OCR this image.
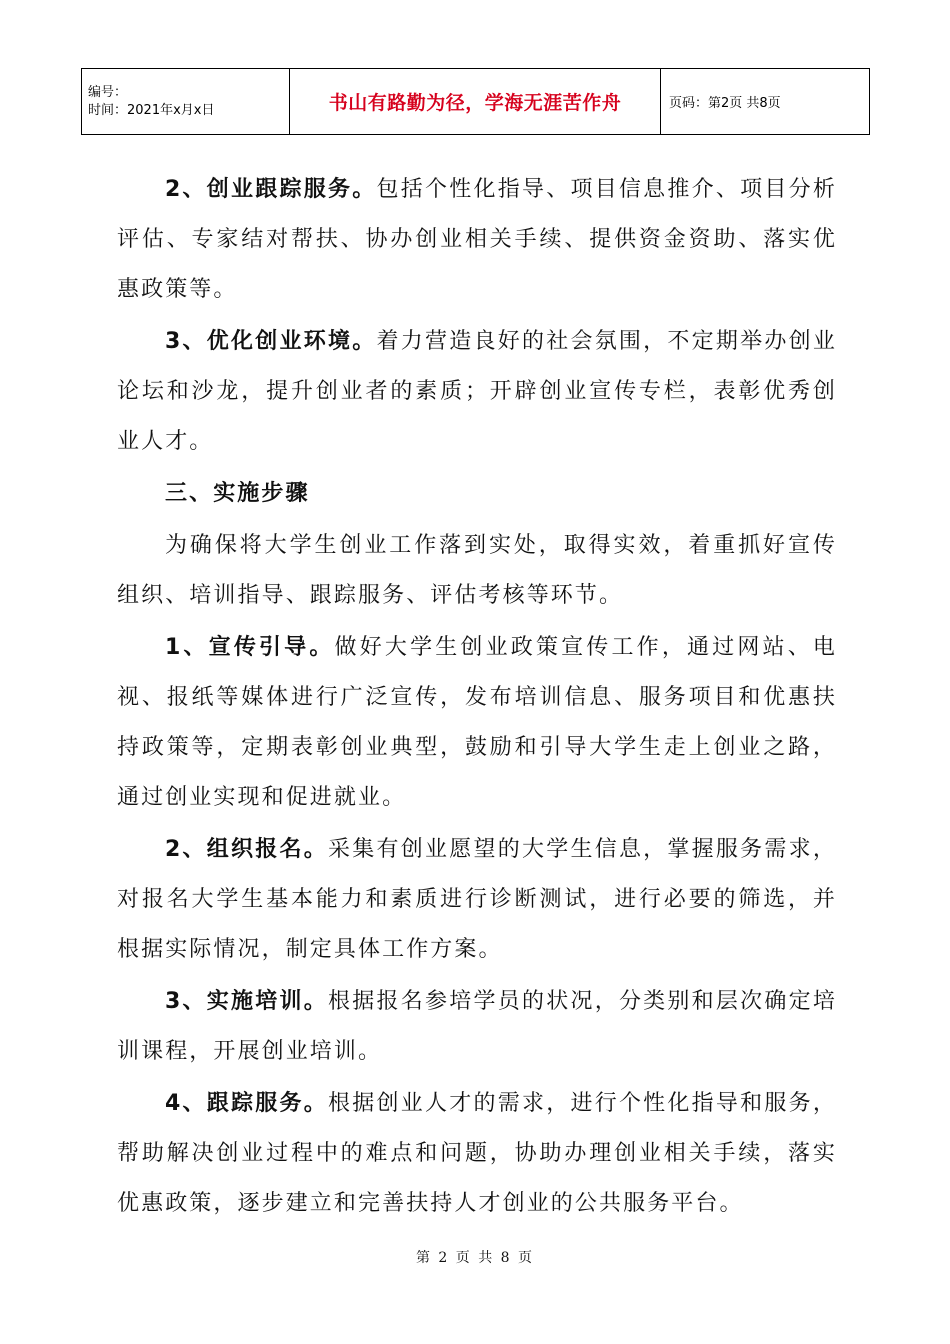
编号：
时间：2021年x月x日	书山有路勤为径，学海无涯苦作舟	页码：第2页 共8页

2、创业跟踪服务。包括个性化指导、项目信息推介、项目分析评估、专家结对帮扶、协办创业相关手续、提供资金资助、落实优惠政策等。

3、优化创业环境。着力营造良好的社会氛围，不定期举办创业论坛和沙龙，提升创业者的素质；开辟创业宣传专栏，表彰优秀创业人才。

三、实施步骤

为确保将大学生创业工作落到实处，取得实效，着重抓好宣传组织、培训指导、跟踪服务、评估考核等环节。

1、宣传引导。做好大学生创业政策宣传工作，通过网站、电视、报纸等媒体进行广泛宣传，发布培训信息、服务项目和优惠扶持政策等，定期表彰创业典型，鼓励和引导大学生走上创业之路，通过创业实现和促进就业。

2、组织报名。采集有创业愿望的大学生信息，掌握服务需求，对报名大学生基本能力和素质进行诊断测试，进行必要的筛选，并根据实际情况，制定具体工作方案。

3、实施培训。根据报名参培学员的状况，分类别和层次确定培训课程，开展创业培训。

4、跟踪服务。根据创业人才的需求，进行个性化指导和服务，帮助解决创业过程中的难点和问题，协助办理创业相关手续，落实优惠政策，逐步建立和完善扶持人才创业的公共服务平台。

第 2 页 共 8 页
